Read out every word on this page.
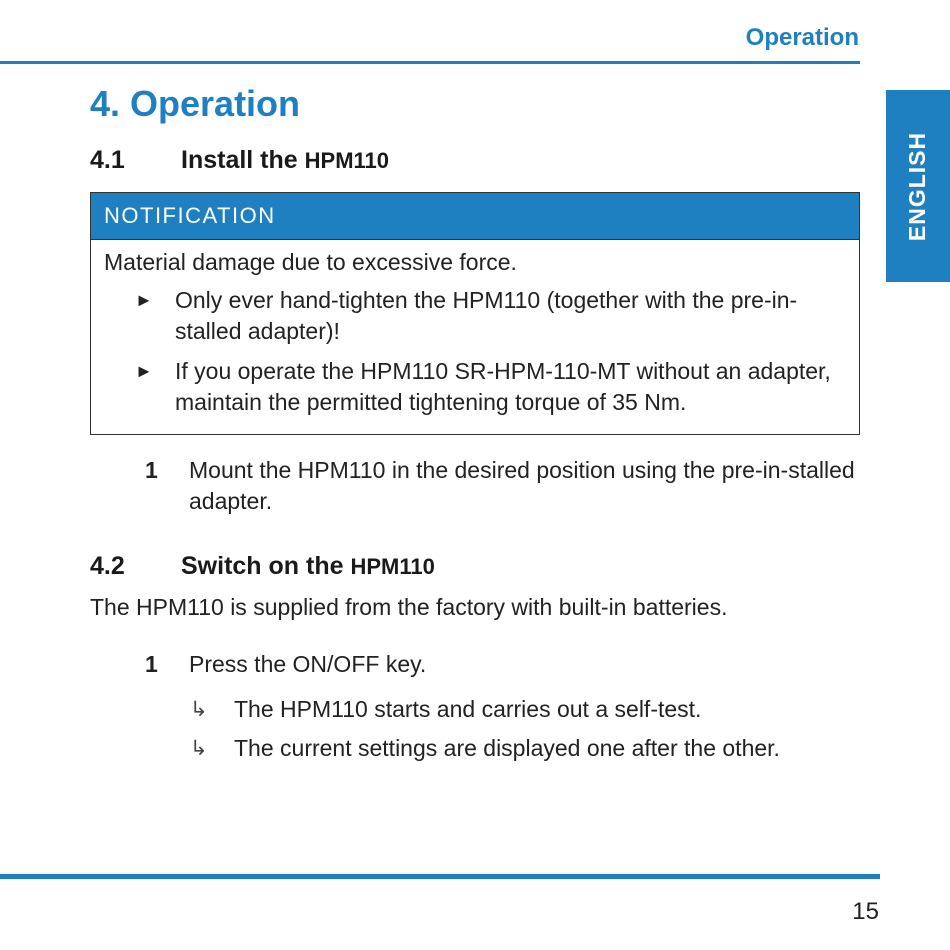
Operation
ENGLISH
4. Operation
4.1 Install the HPM110
NOTIFICATION
Material damage due to excessive force.
► Only ever hand-tighten the HPM110 (together with the pre-in-stalled adapter)!
► If you operate the HPM110 SR-HPM-110-MT without an adapter, maintain the permitted tightening torque of 35 Nm.
1 Mount the HPM110 in the desired position using the pre-in-stalled adapter.
4.2 Switch on the HPM110
The HPM110 is supplied from the factory with built-in batteries.
1 Press the ON/OFF key.
↳ The HPM110 starts and carries out a self-test.
↳ The current settings are displayed one after the other.
15
